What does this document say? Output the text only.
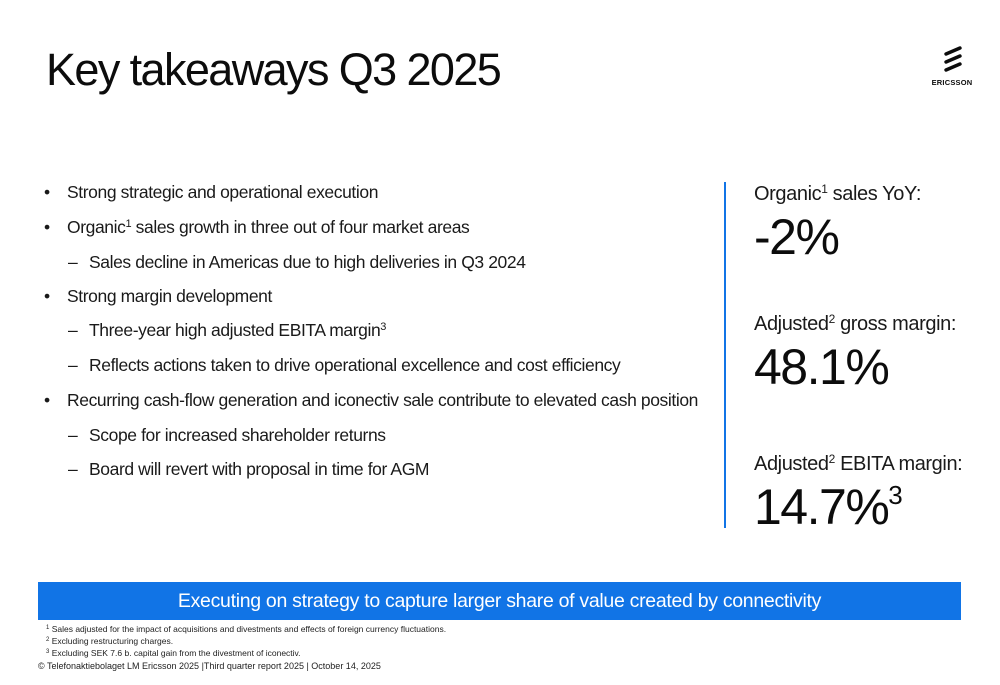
Key takeaways Q3 2025	ERICSSON
• Strong strategic and operational execution
• Organic$^1$ sales growth in three out of four market areas
– Sales decline in Americas due to high deliveries in Q3 2024
• Strong margin development
– Three-year high adjusted EBITA margin$^3$
– Reflects actions taken to drive operational excellence and cost efficiency
• Recurring cash-flow generation and iconectiv sale contribute to elevated cash position
– Scope for increased shareholder returns
– Board will revert with proposal in time for AGM
Organic$^1$ sales YoY:
-2%
Adjusted$^2$ gross margin:
48.1%
Adjusted$^2$ EBITA margin:
14.7%$^3$
Executing on strategy to capture larger share of value created by connectivity
$^1$ Sales adjusted for the impact of acquisitions and divestments and effects of foreign currency fluctuations.
$^2$ Excluding restructuring charges.
$^3$ Excluding SEK 7.6 b. capital gain from the divestment of iconectiv.
© Telefonaktiebolaget LM Ericsson 2025 |Third quarter report 2025 | October 14, 2025
